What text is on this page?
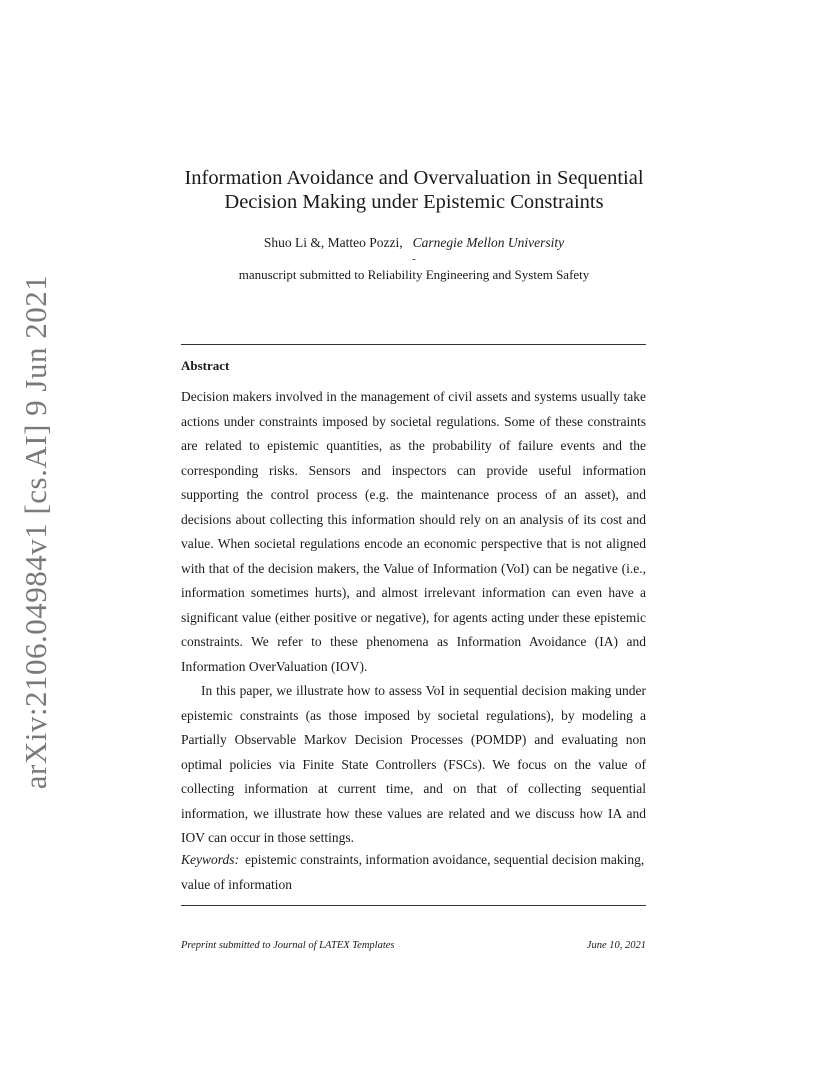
arXiv:2106.04984v1 [cs.AI] 9 Jun 2021
Information Avoidance and Overvaluation in Sequential
Decision Making under Epistemic Constraints
Shuo Li &, Matteo Pozzi, Carnegie Mellon University
-
manuscript submitted to Reliability Engineering and System Safety
Abstract

Decision makers involved in the management of civil assets and systems usually take actions under constraints imposed by societal regulations. Some of these constraints are related to epistemic quantities, as the probability of failure events and the corresponding risks. Sensors and inspectors can provide useful information supporting the control process (e.g. the maintenance process of an asset), and decisions about collecting this information should rely on an analysis of its cost and value. When societal regulations encode an economic perspective that is not aligned with that of the decision makers, the Value of Information (VoI) can be negative (i.e., information sometimes hurts), and almost irrelevant information can even have a significant value (either positive or negative), for agents acting under these epistemic constraints. We refer to these phenomena as Information Avoidance (IA) and Information OverValuation (IOV).

In this paper, we illustrate how to assess VoI in sequential decision making under epistemic constraints (as those imposed by societal regulations), by modeling a Partially Observable Markov Decision Processes (POMDP) and evaluating non optimal policies via Finite State Controllers (FSCs). We focus on the value of collecting information at current time, and on that of collecting sequential information, we illustrate how these values are related and we discuss how IA and IOV can occur in those settings.

Keywords: epistemic constraints, information avoidance, sequential decision making, value of information
Preprint submitted to Journal of LATEX Templates	June 10, 2021
